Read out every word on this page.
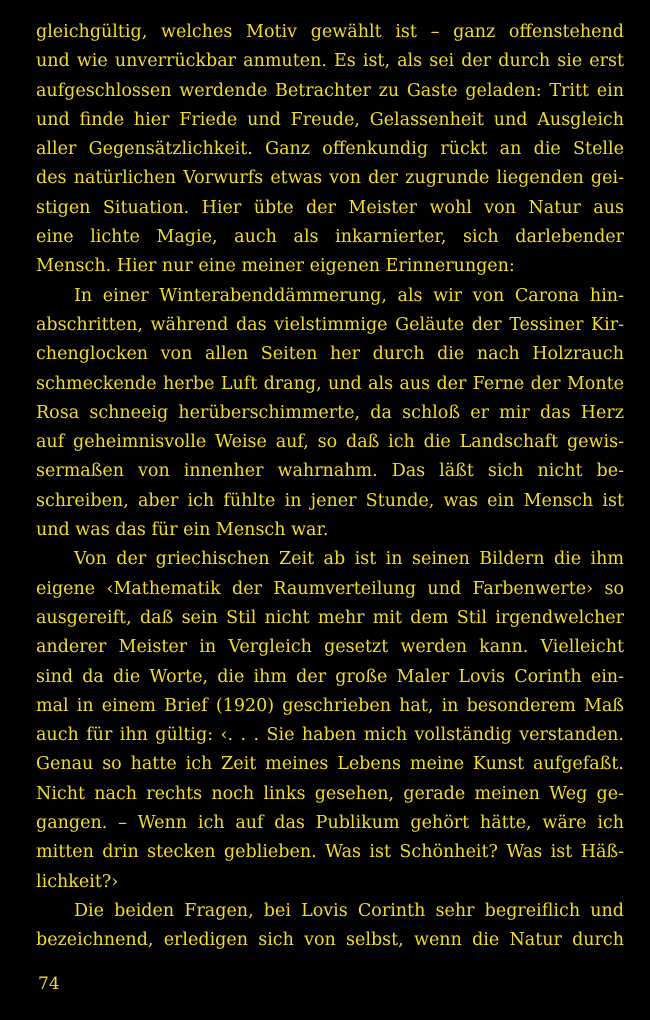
gleichgültig, welches Motiv gewählt ist – ganz offenstehend
und wie unverrückbar anmuten. Es ist, als sei der durch sie erst
aufgeschlossen werdende Betrachter zu Gaste geladen: Tritt ein
und finde hier Friede und Freude, Gelassenheit und Ausgleich
aller Gegensätzlichkeit. Ganz offenkundig rückt an die Stelle
des natürlichen Vorwurfs etwas von der zugrunde liegenden gei-
stigen Situation. Hier übte der Meister wohl von Natur aus
eine lichte Magie, auch als inkarnierter, sich darlebender
Mensch. Hier nur eine meiner eigenen Erinnerungen:
In einer Winterabenddämmerung, als wir von Carona hin-
abschritten, während das vielstimmige Geläute der Tessiner Kir-
chenglocken von allen Seiten her durch die nach Holzrauch
schmeckende herbe Luft drang, und als aus der Ferne der Monte
Rosa schneeig herüberschimmerte, da schloß er mir das Herz
auf geheimnisvolle Weise auf, so daß ich die Landschaft gewis-
sermaßen von innenher wahrnahm. Das läßt sich nicht be-
schreiben, aber ich fühlte in jener Stunde, was ein Mensch ist
und was das für ein Mensch war.
Von der griechischen Zeit ab ist in seinen Bildern die ihm
eigene ‹Mathematik der Raumverteilung und Farbenwerte› so
ausgereift, daß sein Stil nicht mehr mit dem Stil irgendwelcher
anderer Meister in Vergleich gesetzt werden kann. Vielleicht
sind da die Worte, die ihm der große Maler Lovis Corinth ein-
mal in einem Brief (1920) geschrieben hat, in besonderem Maß
auch für ihn gültig: ‹. . . Sie haben mich vollständig verstanden.
Genau so hatte ich Zeit meines Lebens meine Kunst aufgefaßt.
Nicht nach rechts noch links gesehen, gerade meinen Weg ge-
gangen. – Wenn ich auf das Publikum gehört hätte, wäre ich
mitten drin stecken geblieben. Was ist Schönheit? Was ist Häß-
lichkeit?›
Die beiden Fragen, bei Lovis Corinth sehr begreiflich und
bezeichnend, erledigen sich von selbst, wenn die Natur durch
74
